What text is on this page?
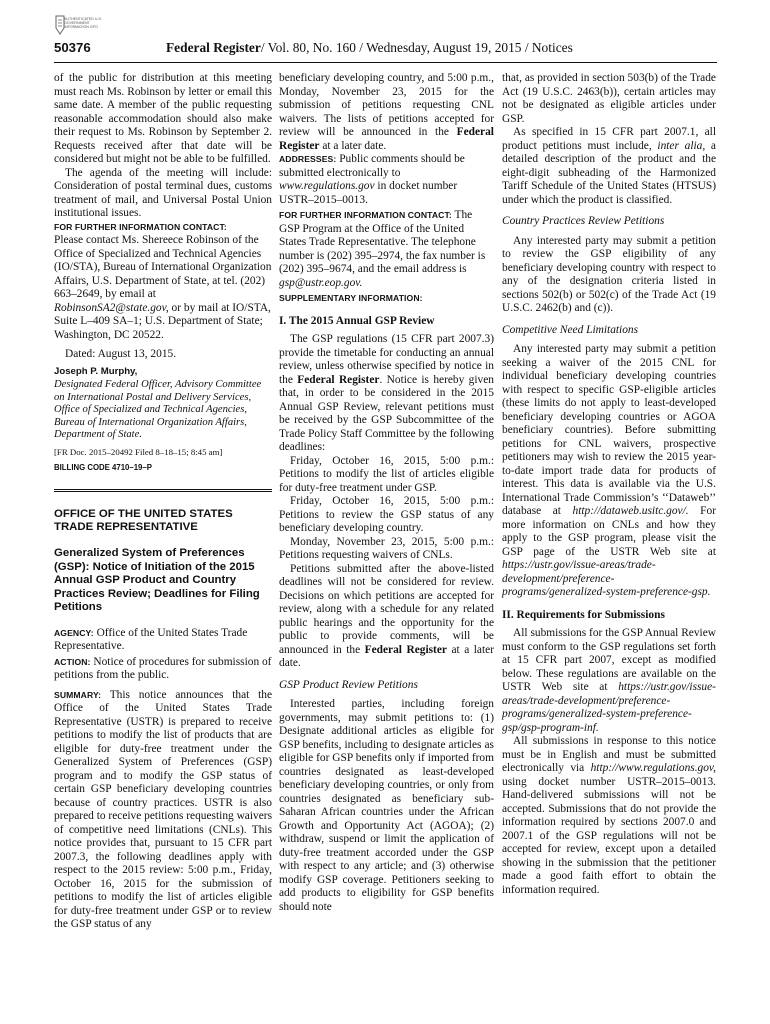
AUTHENTICATED U.S. GOVERNMENT INFORMATION GPO
50376	Federal Register/ Vol. 80, No. 160 / Wednesday, August 19, 2015 / Notices

of the public for distribution at this meeting must reach Ms. Robinson by letter or email this same date. A member of the public requesting reasonable accommodation should also make their request to Ms. Robinson by September 2. Requests received after that date will be considered but might not be able to be fulfilled.

The agenda of the meeting will include: Consideration of postal terminal dues, customs treatment of mail, and Universal Postal Union institutional issues.

FOR FURTHER INFORMATION CONTACT:
Please contact Ms. Shereece Robinson of the Office of Specialized and Technical Agencies (IO/STA), Bureau of International Organization Affairs, U.S. Department of State, at tel. (202) 663–2649, by email at RobinsonSA2@state.gov, or by mail at IO/STA, Suite L–409 SA–1; U.S. Department of State; Washington, DC 20522.
Dated: August 13, 2015.
Joseph P. Murphy,
Designated Federal Officer, Advisory Committee on International Postal and Delivery Services, Office of Specialized and Technical Agencies, Bureau of International Organization Affairs, Department of State.
[FR Doc. 2015–20492 Filed 8–18–15; 8:45 am]
BILLING CODE 4710–19–P
OFFICE OF THE UNITED STATES TRADE REPRESENTATIVE
Generalized System of Preferences (GSP): Notice of Initiation of the 2015 Annual GSP Product and Country Practices Review; Deadlines for Filing Petitions
AGENCY: Office of the United States Trade Representative.
ACTION: Notice of procedures for submission of petitions from the public.
SUMMARY: This notice announces that the Office of the United States Trade Representative (USTR) is prepared to receive petitions to modify the list of products that are eligible for duty-free treatment under the Generalized System of Preferences (GSP) program and to modify the GSP status of certain GSP beneficiary developing countries because of country practices. USTR is also prepared to receive petitions requesting waivers of competitive need limitations (CNLs). This notice provides that, pursuant to 15 CFR part 2007.3, the following deadlines apply with respect to the 2015 review: 5:00 p.m., Friday, October 16, 2015 for the submission of petitions to modify the list of articles eligible for duty-free treatment under GSP or to review the GSP status of any

beneficiary developing country, and 5:00 p.m., Monday, November 23, 2015 for the submission of petitions requesting CNL waivers. The lists of petitions accepted for review will be announced in the Federal Register at a later date.

ADDRESSES: Public comments should be submitted electronically to www.regulations.gov in docket number USTR–2015–0013.
FOR FURTHER INFORMATION CONTACT: The GSP Program at the Office of the United States Trade Representative. The telephone number is (202) 395–2974, the fax number is (202) 395–9674, and the email address is gsp@ustr.eop.gov.
SUPPLEMENTARY INFORMATION:
I. The 2015 Annual GSP Review

The GSP regulations (15 CFR part 2007.3) provide the timetable for conducting an annual review, unless otherwise specified by notice in the Federal Register. Notice is hereby given that, in order to be considered in the 2015 Annual GSP Review, relevant petitions must be received by the GSP Subcommittee of the Trade Policy Staff Committee by the following deadlines:

Friday, October 16, 2015, 5:00 p.m.: Petitions to modify the list of articles eligible for duty-free treatment under GSP.

Friday, October 16, 2015, 5:00 p.m.: Petitions to review the GSP status of any beneficiary developing country.

Monday, November 23, 2015, 5:00 p.m.: Petitions requesting waivers of CNLs.

Petitions submitted after the above-listed deadlines will not be considered for review. Decisions on which petitions are accepted for review, along with a schedule for any related public hearings and the opportunity for the public to provide comments, will be announced in the Federal Register at a later date.

GSP Product Review Petitions

Interested parties, including foreign governments, may submit petitions to: (1) Designate additional articles as eligible for GSP benefits, including to designate articles as eligible for GSP benefits only if imported from countries designated as least-developed beneficiary developing countries, or only from countries designated as beneficiary sub-Saharan African countries under the African Growth and Opportunity Act (AGOA); (2) withdraw, suspend or limit the application of duty-free treatment accorded under the GSP with respect to any article; and (3) otherwise modify GSP coverage. Petitioners seeking to add products to eligibility for GSP benefits should note

that, as provided in section 503(b) of the Trade Act (19 U.S.C. 2463(b)), certain articles may not be designated as eligible articles under GSP.

As specified in 15 CFR part 2007.1, all product petitions must include, inter alia, a detailed description of the product and the eight-digit subheading of the Harmonized Tariff Schedule of the United States (HTSUS) under which the product is classified.

Country Practices Review Petitions

Any interested party may submit a petition to review the GSP eligibility of any beneficiary developing country with respect to any of the designation criteria listed in sections 502(b) or 502(c) of the Trade Act (19 U.S.C. 2462(b) and (c)).

Competitive Need Limitations

Any interested party may submit a petition seeking a waiver of the 2015 CNL for individual beneficiary developing countries with respect to specific GSP-eligible articles (these limits do not apply to least-developed beneficiary developing countries or AGOA beneficiary countries). Before submitting petitions for CNL waivers, prospective petitioners may wish to review the 2015 year-to-date import trade data for products of interest. This data is available via the U.S. International Trade Commission’s ‘‘Dataweb’’ database at http://dataweb.usitc.gov/. For more information on CNLs and how they apply to the GSP program, please visit the GSP page of the USTR Web site at https://ustr.gov/issue-areas/trade-development/preference-programs/generalized-system-preference-gsp.

II. Requirements for Submissions

All submissions for the GSP Annual Review must conform to the GSP regulations set forth at 15 CFR part 2007, except as modified below. These regulations are available on the USTR Web site at https://ustr.gov/issue-areas/trade-development/preference-programs/generalized-system-preference-gsp/gsp-program-inf.

All submissions in response to this notice must be in English and must be submitted electronically via http://www.regulations.gov, using docket number USTR–2015–0013. Hand-delivered submissions will not be accepted. Submissions that do not provide the information required by sections 2007.0 and 2007.1 of the GSP regulations will not be accepted for review, except upon a detailed showing in the submission that the petitioner made a good faith effort to obtain the information required.
